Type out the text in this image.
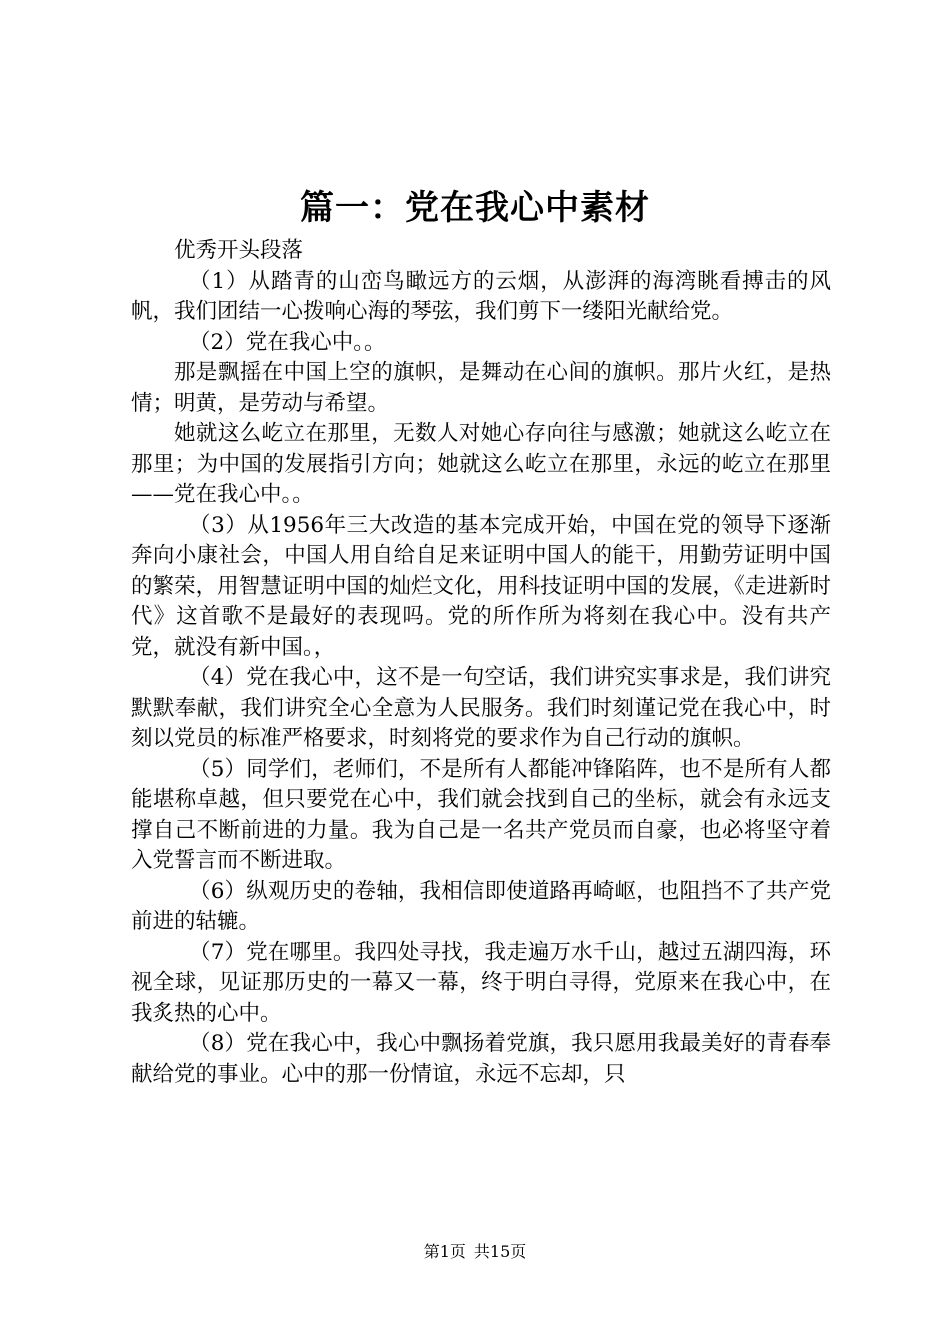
篇一：党在我心中素材

优秀开头段落

（1）从踏青的山峦鸟瞰远方的云烟，从澎湃的海湾眺看搏击的风帆，我们团结一心拨响心海的琴弦，我们剪下一缕阳光献给党。

（2）党在我心中。。

那是飘摇在中国上空的旗帜，是舞动在心间的旗帜。那片火红，是热情；明黄，是劳动与希望。

她就这么屹立在那里，无数人对她心存向往与感激；她就这么屹立在那里；为中国的发展指引方向；她就这么屹立在那里，永远的屹立在那里——党在我心中。。

（3）从1956年三大改造的基本完成开始，中国在党的领导下逐渐奔向小康社会，中国人用自给自足来证明中国人的能干，用勤劳证明中国的繁荣，用智慧证明中国的灿烂文化，用科技证明中国的发展，《走进新时代》这首歌不是最好的表现吗。党的所作所为将刻在我心中。没有共产党，就没有新中国。，

（4）党在我心中，这不是一句空话，我们讲究实事求是，我们讲究默默奉献，我们讲究全心全意为人民服务。我们时刻谨记党在我心中，时刻以党员的标准严格要求，时刻将党的要求作为自己行动的旗帜。

（5）同学们，老师们，不是所有人都能冲锋陷阵，也不是所有人都能堪称卓越，但只要党在心中，我们就会找到自己的坐标，就会有永远支撑自己不断前进的力量。我为自己是一名共产党员而自豪，也必将坚守着入党誓言而不断进取。

（6）纵观历史的卷轴，我相信即使道路再崎岖，也阻挡不了共产党前进的轱辘。

（7）党在哪里。我四处寻找，我走遍万水千山，越过五湖四海，环视全球，见证那历史的一幕又一幕，终于明白寻得，党原来在我心中，在我炙热的心中。

（8）党在我心中，我心中飘扬着党旗，我只愿用我最美好的青春奉献给党的事业。心中的那一份情谊，永远不忘却，只

第1页 共15页
